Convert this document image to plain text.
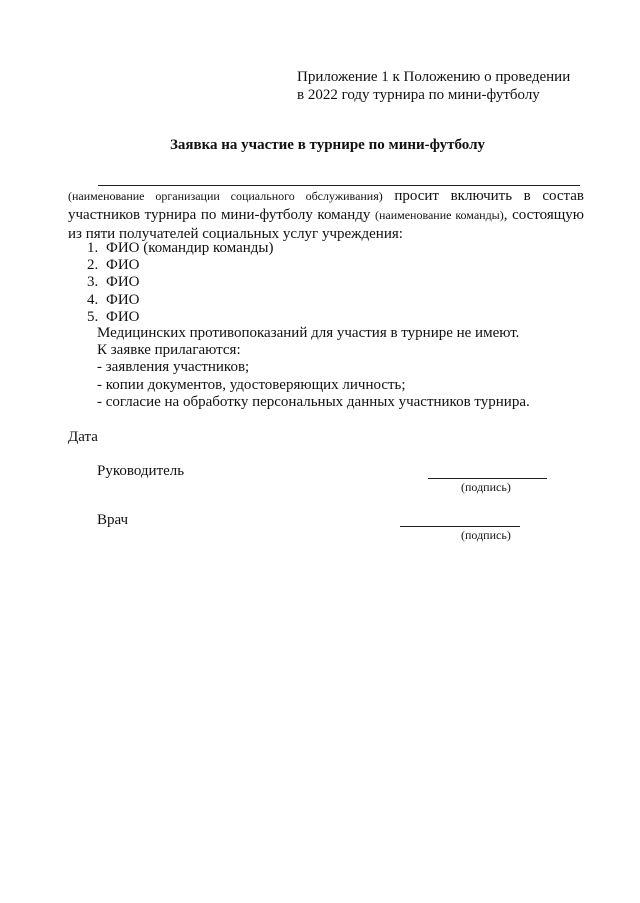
Приложение 1 к Положению о проведении
в 2022 году турнира по мини-футболу
Заявка на участие в турнире по мини-футболу
(наименование организации социального обслуживания) просит включить в состав участников турнира по мини-футболу команду (наименование команды), состоящую из пяти получателей социальных услуг учреждения:
1. ФИО (командир команды)
2. ФИО
3. ФИО
4. ФИО
5. ФИО
Медицинских противопоказаний для участия в турнире не имеют.
К заявке прилагаются:
- заявления участников;
- копии документов, удостоверяющих личность;
- согласие на обработку персональных данных участников турнира.
Дата
Руководитель
(подпись)
Врач
(подпись)
